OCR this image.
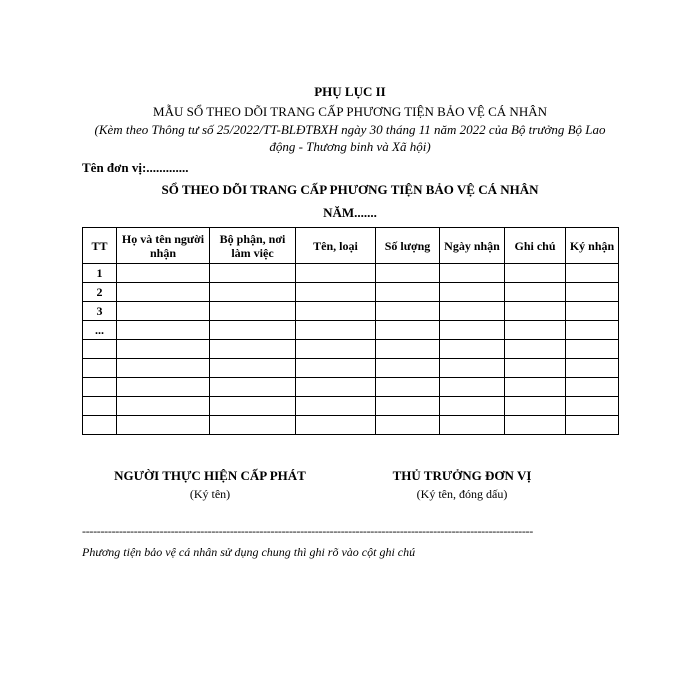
PHỤ LỤC II
MẪU SỔ THEO DÕI TRANG CẤP PHƯƠNG TIỆN BẢO VỆ CÁ NHÂN
(Kèm theo Thông tư số 25/2022/TT-BLĐTBXH ngày 30 tháng 11 năm 2022 của Bộ trưởng Bộ Lao động - Thương binh và Xã hội)
Tên đơn vị:.............
SỔ THEO DÕI TRANG CẤP PHƯƠNG TIỆN BẢO VỆ CÁ NHÂN
NĂM.......
TT	Họ và tên người nhận	Bộ phận, nơi làm việc	Tên, loại	Số lượng	Ngày nhận	Ghi chú	Ký nhận
1							
2							
3							
...							

NGƯỜI THỰC HIỆN CẤP PHÁT
(Ký tên)
THỦ TRƯỞNG ĐƠN VỊ
(Ký tên, đóng dấu)
--------------------------------------------------------------------------------------------------------------------------
Phương tiện bảo vệ cá nhân sử dụng chung thì ghi rõ vào cột ghi chú
